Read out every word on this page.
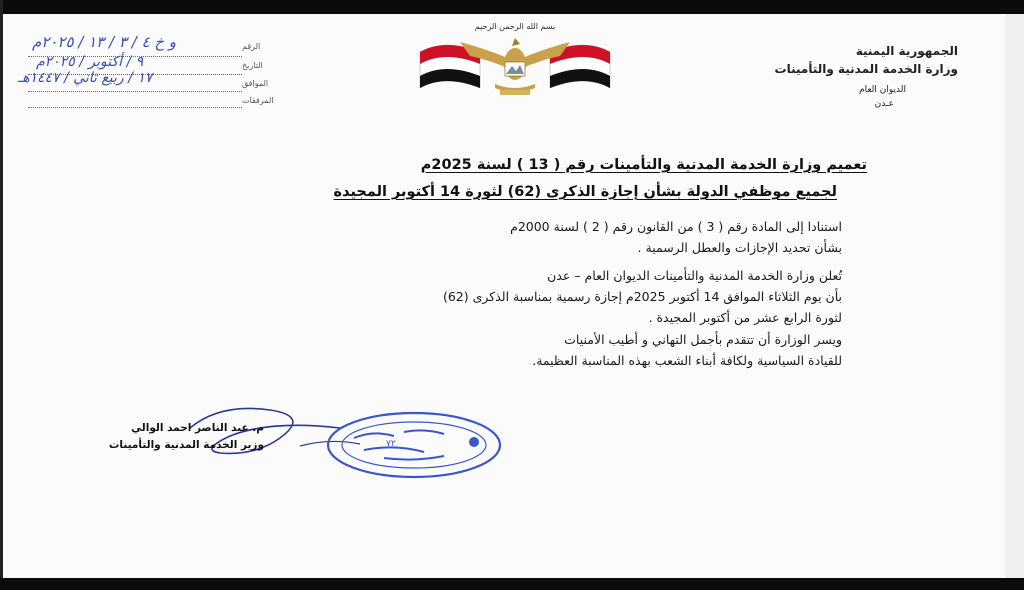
و خ ٤ / ٣ / ١٣ / ٢٠٢٥م	الرقم
٩ / أكتوبر / ٢٠٢٥م	التاريخ
١٧ / ربيع ثاني / ١٤٤٧هـ	الموافق
المرفقات
بسم الله الرحمن الرحيم
الجمهورية اليمنية
وزارة الخدمة المدنية والتأمينات
الديوان العام
عـدن
تعميم وزارة الخدمة المدنية والتأمينات رقم ( 13 ) لسنة 2025م
لجميع موظفي الدولة بشأن إجازة الذكرى (62) لثورة 14 أكتوبر المجيدة
استنادا إلى المادة رقم ( 3 ) من القانون رقم ( 2 ) لسنة 2000م
بشأن تحديد الإجازات والعطل الرسمية .
تُعلن وزارة الخدمة المدنية والتأمينات الديوان العام – عدن
بأن يوم الثلاثاء الموافق 14 أكتوبر 2025م إجازة رسمية بمناسبة الذكرى (62)
لثورة الرابع عشر من أكتوبر المجيدة .
ويسر الوزارة أن تتقدم بأجمل التهاني و أطيب الأمنيات
للقيادة السياسية ولكافة أبناء الشعب بهذه المناسبة العظيمة.
م. عبد الناصر احمد الوالي
وزير الخدمة المدنية والتأمينات	٧٢
